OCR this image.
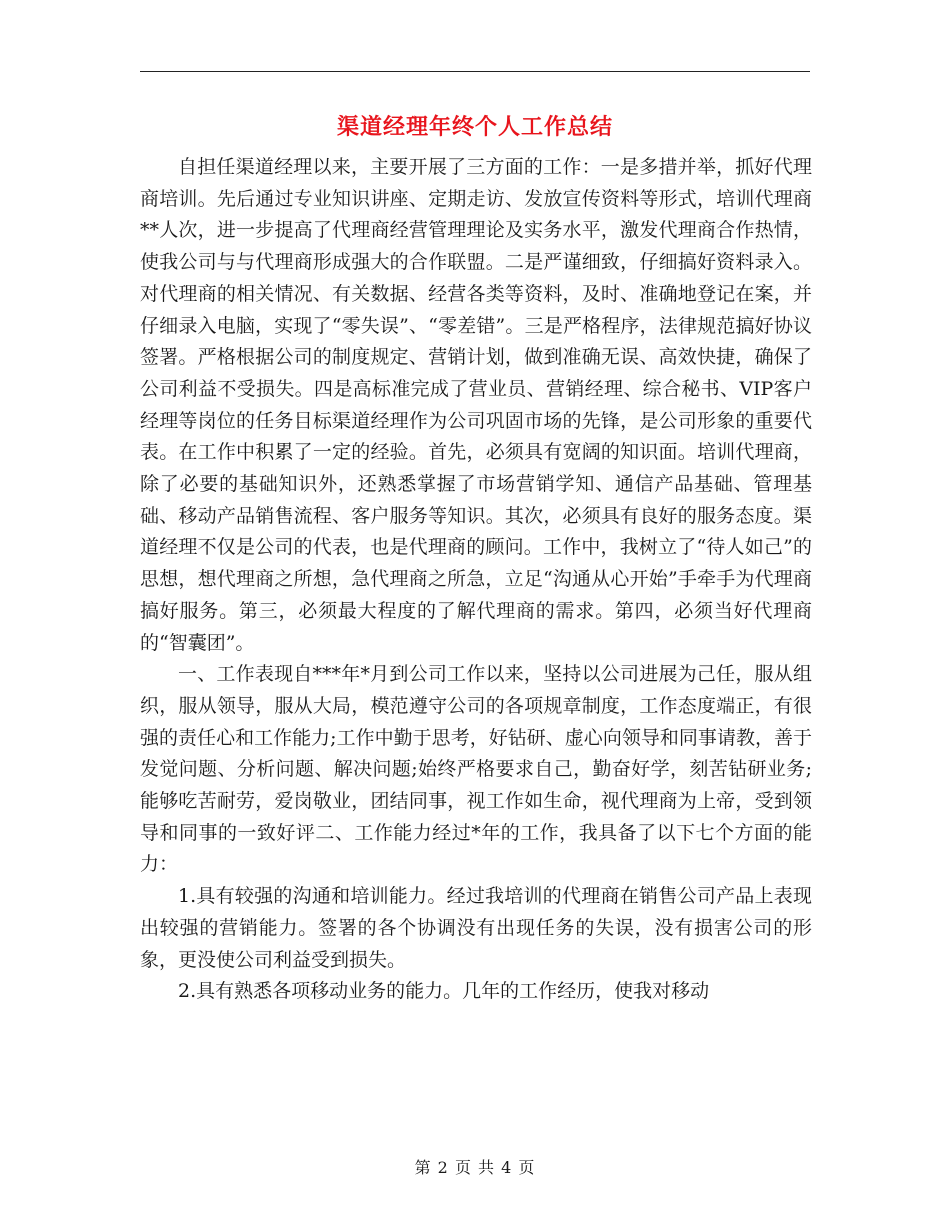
渠道经理年终个人工作总结

自担任渠道经理以来，主要开展了三方面的工作：一是多措并举，抓好代理商培训。先后通过专业知识讲座、定期走访、发放宣传资料等形式，培训代理商**人次，进一步提高了代理商经营管理理论及实务水平，激发代理商合作热情，使我公司与与代理商形成强大的合作联盟。二是严谨细致，仔细搞好资料录入。对代理商的相关情况、有关数据、经营各类等资料，及时、准确地登记在案，并仔细录入电脑，实现了“零失误”、“零差错”。三是严格程序，法律规范搞好协议签署。严格根据公司的制度规定、营销计划，做到准确无误、高效快捷，确保了公司利益不受损失。四是高标准完成了营业员、营销经理、综合秘书、VIP客户经理等岗位的任务目标渠道经理作为公司巩固市场的先锋，是公司形象的重要代表。在工作中积累了一定的经验。首先，必须具有宽阔的知识面。培训代理商，除了必要的基础知识外，还熟悉掌握了市场营销学知、通信产品基础、管理基础、移动产品销售流程、客户服务等知识。其次，必须具有良好的服务态度。渠道经理不仅是公司的代表，也是代理商的顾问。工作中，我树立了“待人如己”的思想，想代理商之所想，急代理商之所急，立足“沟通从心开始”手牵手为代理商搞好服务。第三，必须最大程度的了解代理商的需求。第四，必须当好代理商的“智囊团”。

一、工作表现自***年*月到公司工作以来，坚持以公司进展为己任，服从组织，服从领导，服从大局，模范遵守公司的各项规章制度，工作态度端正，有很强的责任心和工作能力;工作中勤于思考，好钻研、虚心向领导和同事请教，善于发觉问题、分析问题、解决问题;始终严格要求自己，勤奋好学，刻苦钻研业务;能够吃苦耐劳，爱岗敬业，团结同事，视工作如生命，视代理商为上帝，受到领导和同事的一致好评二、工作能力经过*年的工作，我具备了以下七个方面的能力：

1.具有较强的沟通和培训能力。经过我培训的代理商在销售公司产品上表现出较强的营销能力。签署的各个协调没有出现任务的失误，没有损害公司的形象，更没使公司利益受到损失。

2.具有熟悉各项移动业务的能力。几年的工作经历，使我对移动

第 2 页 共 4 页
